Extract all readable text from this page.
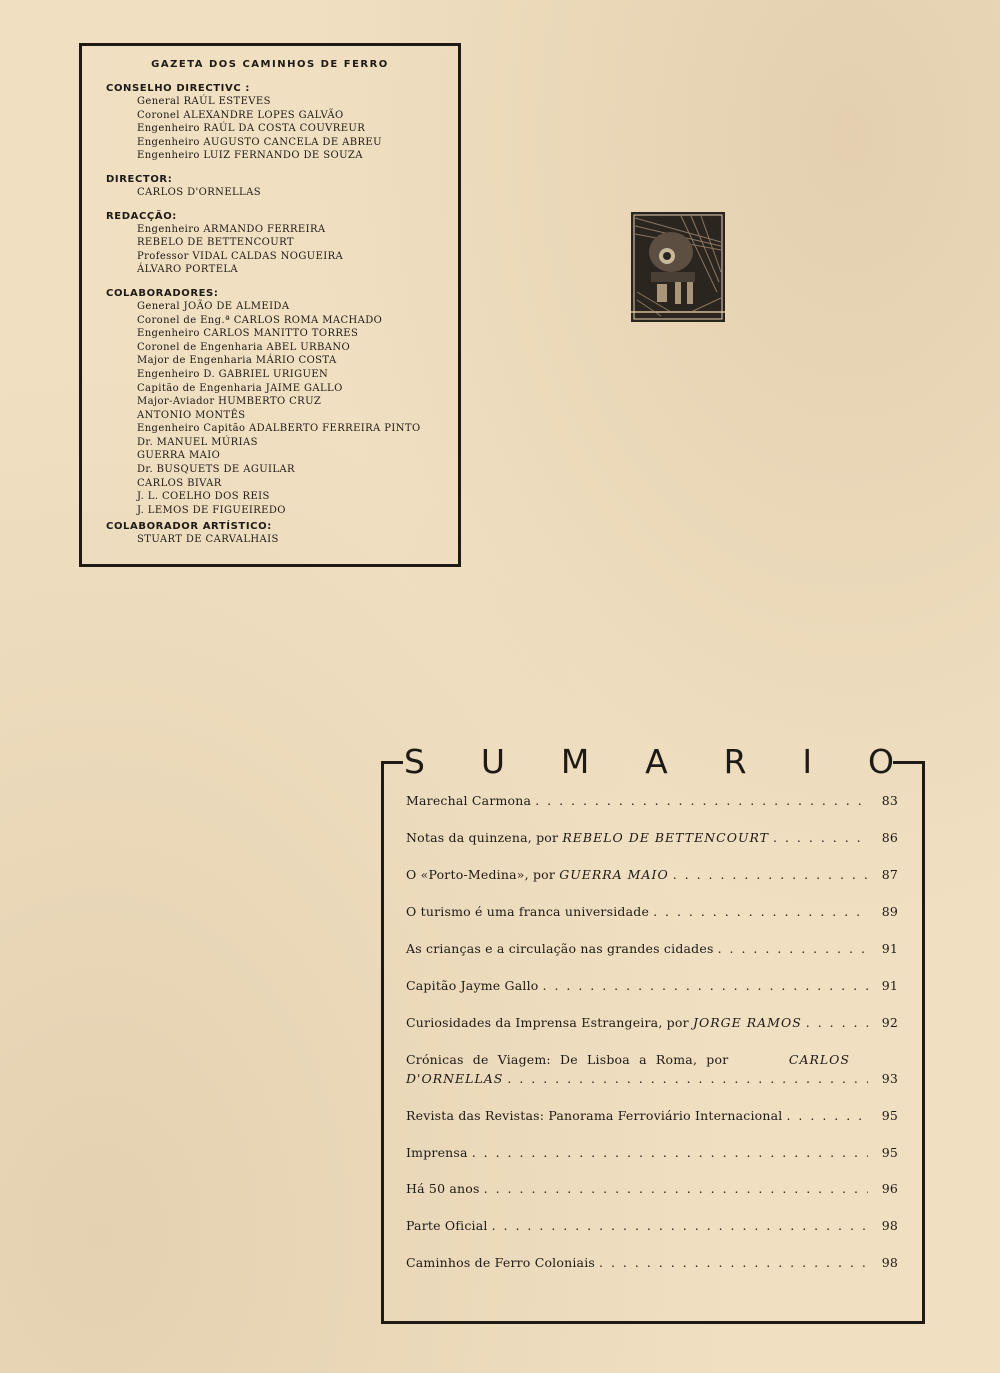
GAZETA DOS CAMINHOS DE FERRO

CONSELHO DIRECTIVC :

General RAÚL ESTEVES
Coronel ALEXANDRE LOPES GALVÃO
Engenheiro RAÚL DA COSTA COUVREUR
Engenheiro AUGUSTO CANCELA DE ABREU
Engenheiro LUIZ FERNANDO DE SOUZA

DIRECTOR:

CARLOS D'ORNELLAS

REDACÇÃO:

Engenheiro ARMANDO FERREIRA
REBELO DE BETTENCOURT
Professor VIDAL CALDAS NOGUEIRA
ÁLVARO PORTELA

COLABORADORES:

General JOÃO DE ALMEIDA
Coronel de Eng.ª CARLOS ROMA MACHADO
Engenheiro CARLOS MANITTO TORRES
Coronel de Engenharia ABEL URBANO
Major de Engenharia MÁRIO COSTA
Engenheiro D. GABRIEL URIGUEN
Capitão de Engenharia JAIME GALLO
Major-Aviador HUMBERTO CRUZ
ANTONIO MONTÊS
Engenheiro Capitão ADALBERTO FERREIRA PINTO
Dr. MANUEL MÚRIAS
GUERRA MAIO
Dr. BUSQUETS DE AGUILAR
CARLOS BIVAR
J. L. COELHO DOS REIS
J. LEMOS DE FIGUEIREDO

COLABORADOR ARTÍSTICO:

STUART DE CARVALHAIS
S U M A R I O
Marechal Carmona . . .	83
Notas da quinzena, por REBELO DE BETTENCOURT . . .	86
O «Porto-Medina», por GUERRA MAIO . . .	87
O turismo é uma franca universidade . . .	89
As crianças e a circulação nas grandes cidades . . .	91
Capitão Jayme Gallo . . .	91
Curiosidades da Imprensa Estrangeira, por JORGE RAMOS . . .	92
Crónicas de Viagem: De Lisboa a Roma, por	CARLOS
D'ORNELLAS . . .	93
Revista das Revistas: Panorama Ferroviário Internacional . . .	95
Imprensa . . .	95
Há 50 anos . . .	96
Parte Oficial . . .	98
Caminhos de Ferro Coloniais . . .	98
